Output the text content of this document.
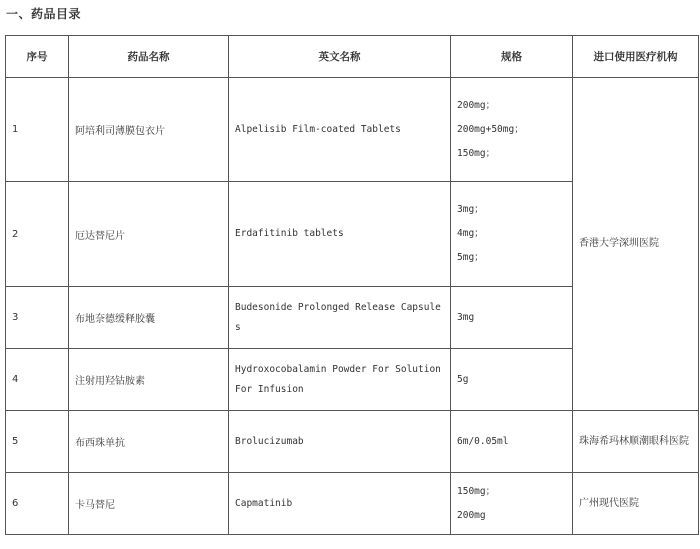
一、药品目录
序号	药品名称	英文名称	规格	进口使用医疗机构
1	阿培利司薄膜包衣片	Alpelisib Film-coated Tablets	200mg；
200mg+50mg；
150mg；	香港大学深圳医院
2	厄达替尼片	Erdafitinib tablets	3mg；
4mg；
5mg；	

3	布地奈德缓释胶囊	Budesonide Prolonged Release Capsules	3mg	

4	注射用羟钴胺素	Hydroxocobalamin Powder For Solution For Infusion	5g	

5	布西珠单抗	Brolucizumab	6m/0.05ml	珠海希玛林顺潮眼科医院
6	卡马替尼	Capmatinib	150mg；
200mg	广州现代医院
